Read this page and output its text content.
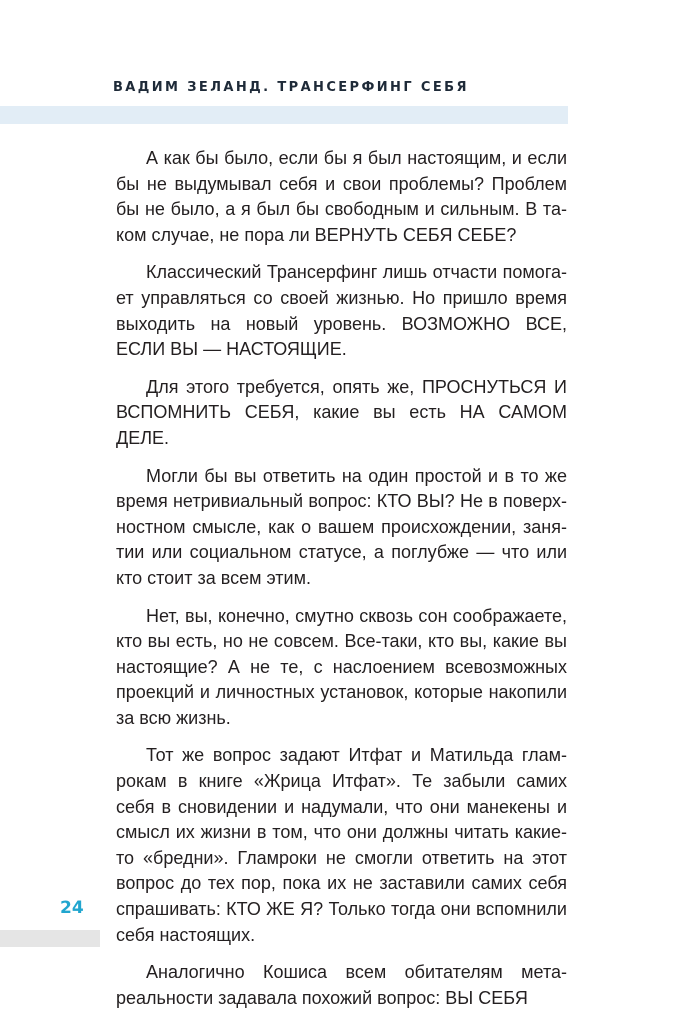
ВАДИМ ЗЕЛАНД. ТРАНСЕРФИНГ СЕБЯ

А как бы было, если бы я был настоящим, и если бы не выдумывал себя и свои проблемы? Проблем бы не было, а я был бы свободным и сильным. В таком случае, не пора ли ВЕРНУТЬ СЕБЯ СЕБЕ?

Классический Трансерфинг лишь отчасти помогает управляться со своей жизнью. Но пришло время выходить на новый уровень. ВОЗМОЖНО ВСЕ, ЕСЛИ ВЫ — НАСТОЯЩИЕ.

Для этого требуется, опять же, ПРОСНУТЬСЯ И ВСПОМНИТЬ СЕБЯ, какие вы есть НА САМОМ ДЕЛЕ.

Могли бы вы ответить на один простой и в то же время нетривиальный вопрос: КТО ВЫ? Не в поверхностном смысле, как о вашем происхождении, занятии или социальном статусе, а поглубже — что или кто стоит за всем этим.

Нет, вы, конечно, смутно сквозь сон соображаете, кто вы есть, но не совсем. Все-таки, кто вы, какие вы настоящие? А не те, с наслоением всевозможных проекций и личностных установок, которые накопили за всю жизнь.

Тот же вопрос задают Итфат и Матильда гламрокам в книге «Жрица Итфат». Те забыли самих себя в сновидении и надумали, что они манекены и смысл их жизни в том, что они должны читать какие-то «бредни». Гламроки не смогли ответить на этот вопрос до тех пор, пока их не заставили самих себя спрашивать: КТО ЖЕ Я? Только тогда они вспомнили себя настоящих.

Аналогично Кошиса всем обитателям метареальности задавала похожий вопрос: ВЫ СЕБЯ

24
